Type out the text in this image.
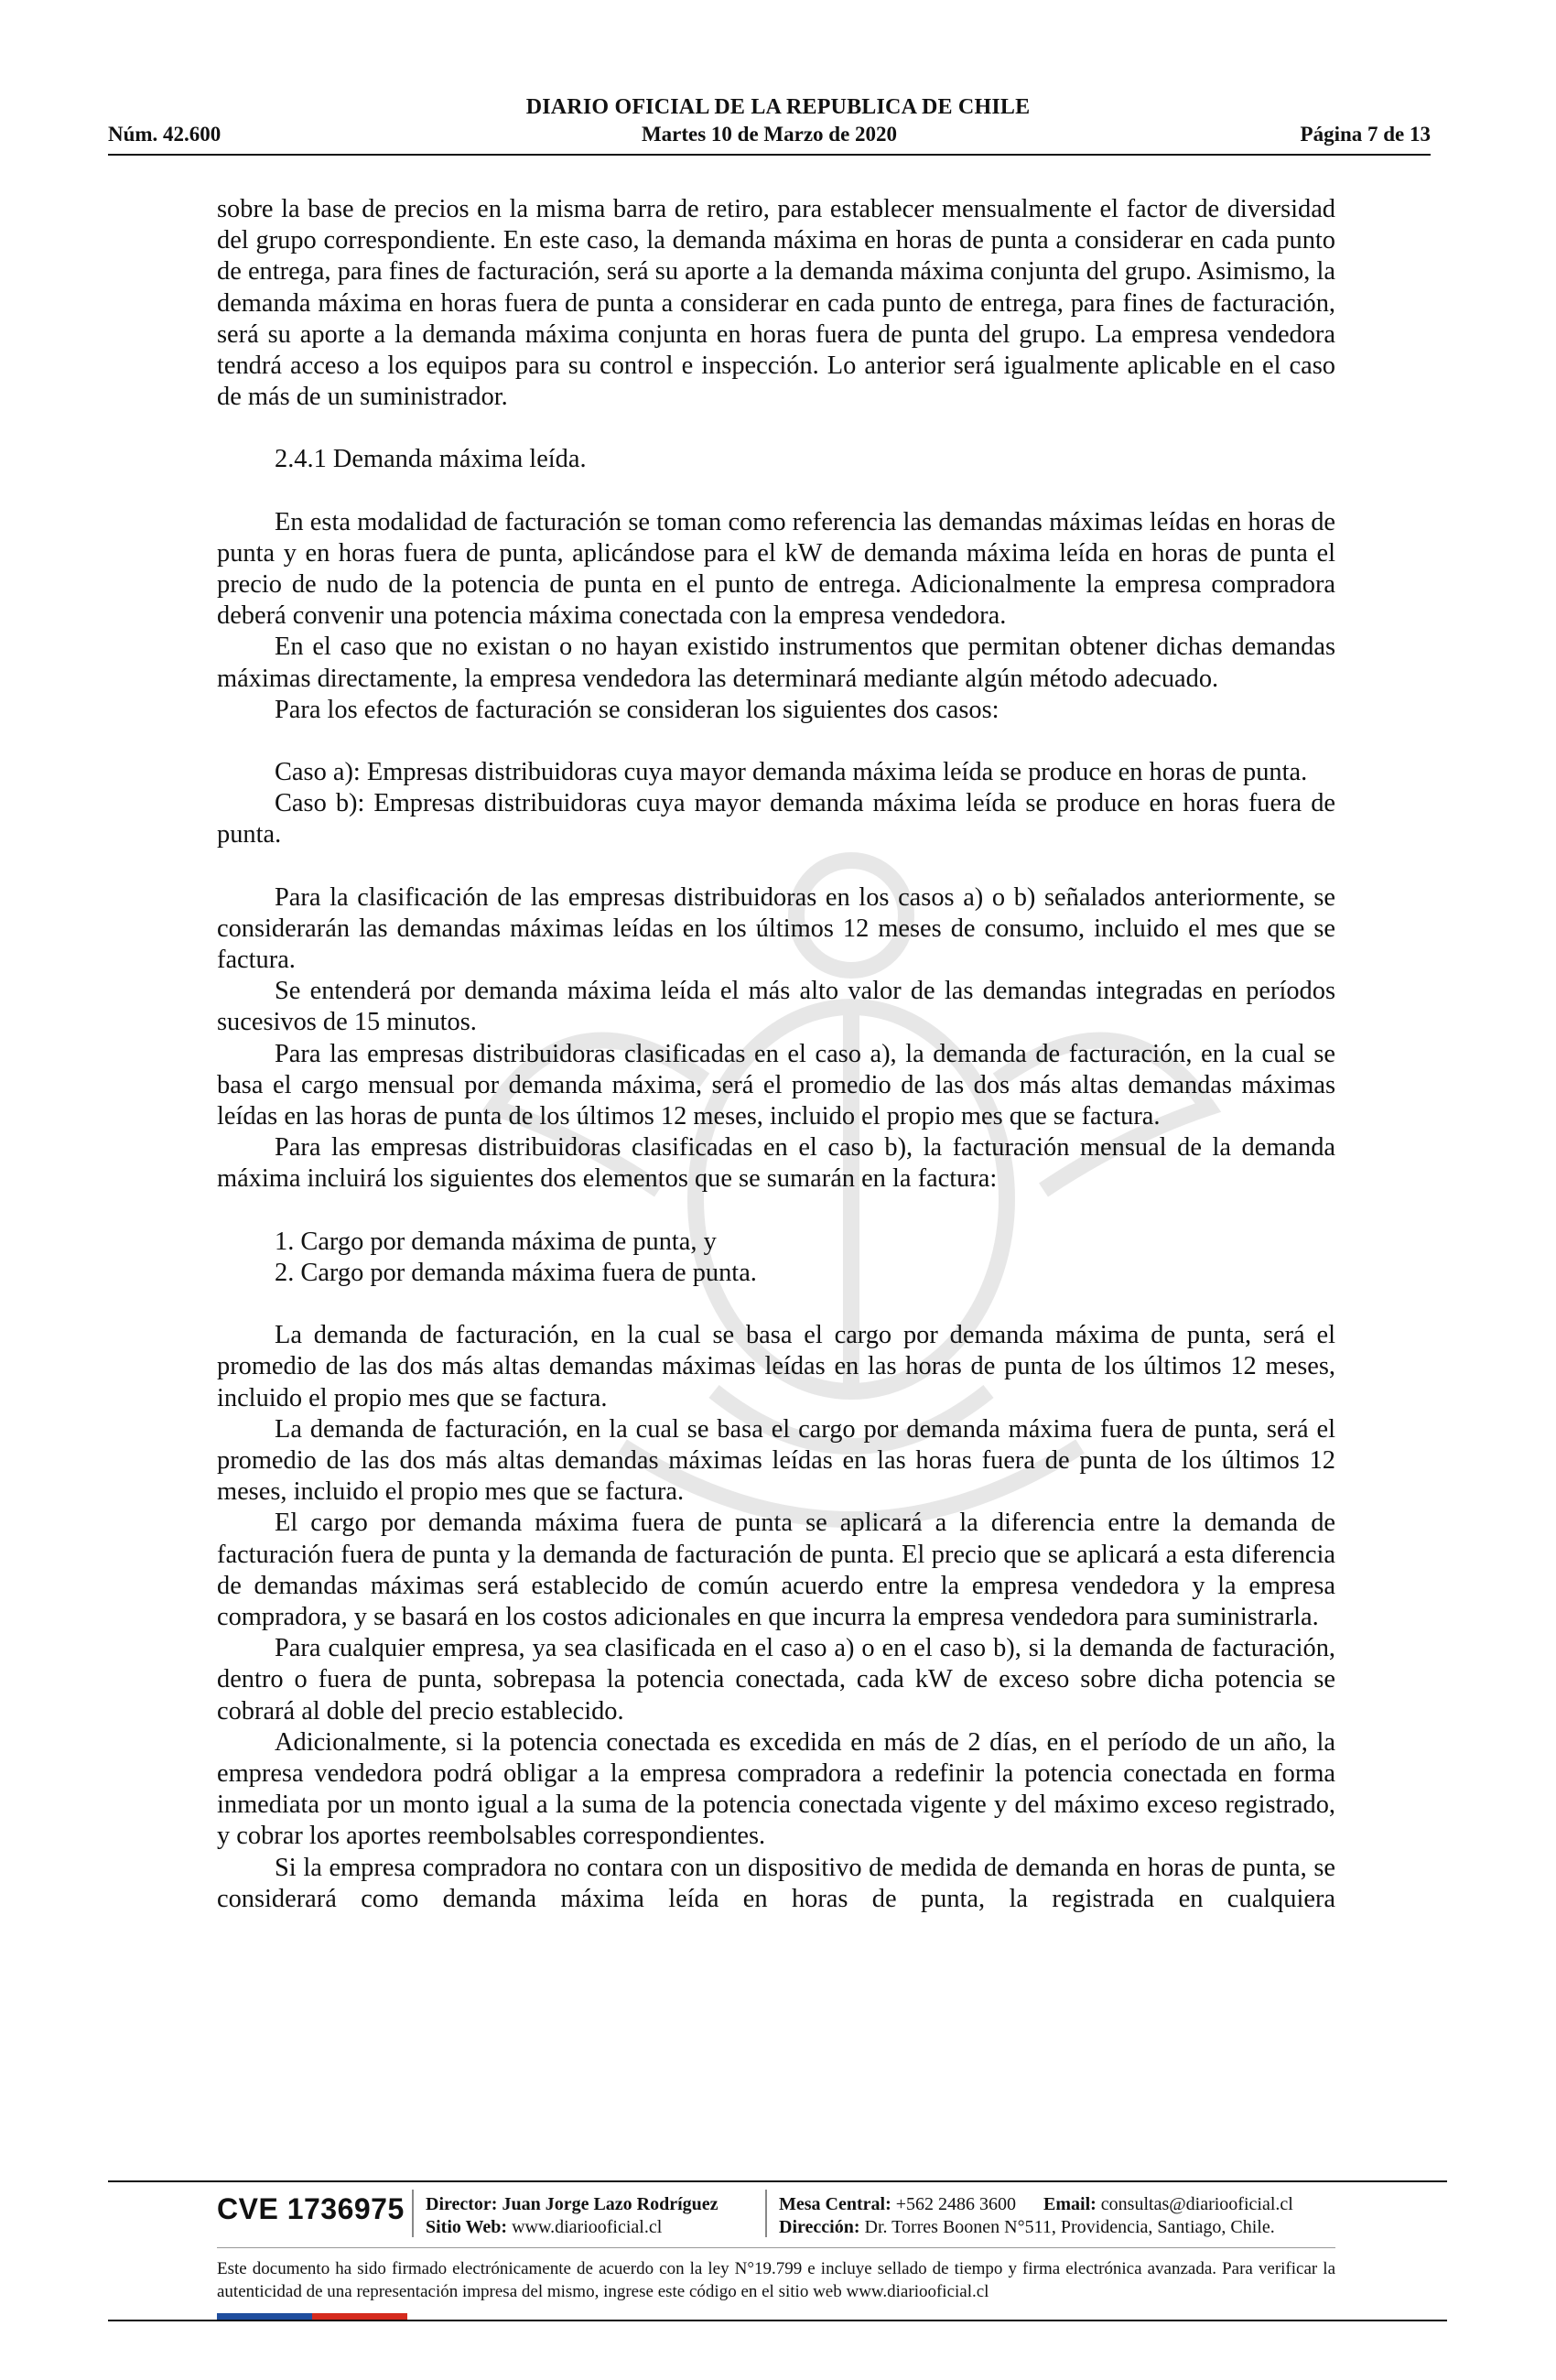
DIARIO OFICIAL DE LA REPUBLICA DE CHILE
Núm. 42.600	Martes 10 de Marzo de 2020	Página 7 de 13

sobre la base de precios en la misma barra de retiro, para establecer mensualmente el factor de diversidad del grupo correspondiente. En este caso, la demanda máxima en horas de punta a considerar en cada punto de entrega, para fines de facturación, será su aporte a la demanda máxima conjunta del grupo. Asimismo, la demanda máxima en horas fuera de punta a considerar en cada punto de entrega, para fines de facturación, será su aporte a la demanda máxima conjunta en horas fuera de punta del grupo. La empresa vendedora tendrá acceso a los equipos para su control e inspección. Lo anterior será igualmente aplicable en el caso de más de un suministrador.

2.4.1 Demanda máxima leída.

En esta modalidad de facturación se toman como referencia las demandas máximas leídas en horas de punta y en horas fuera de punta, aplicándose para el kW de demanda máxima leída en horas de punta el precio de nudo de la potencia de punta en el punto de entrega. Adicionalmente la empresa compradora deberá convenir una potencia máxima conectada con la empresa vendedora.

En el caso que no existan o no hayan existido instrumentos que permitan obtener dichas demandas máximas directamente, la empresa vendedora las determinará mediante algún método adecuado.

Para los efectos de facturación se consideran los siguientes dos casos:

Caso a): Empresas distribuidoras cuya mayor demanda máxima leída se produce en horas de punta.

Caso b): Empresas distribuidoras cuya mayor demanda máxima leída se produce en horas fuera de punta.

Para la clasificación de las empresas distribuidoras en los casos a) o b) señalados anteriormente, se considerarán las demandas máximas leídas en los últimos 12 meses de consumo, incluido el mes que se factura.

Se entenderá por demanda máxima leída el más alto valor de las demandas integradas en períodos sucesivos de 15 minutos.

Para las empresas distribuidoras clasificadas en el caso a), la demanda de facturación, en la cual se basa el cargo mensual por demanda máxima, será el promedio de las dos más altas demandas máximas leídas en las horas de punta de los últimos 12 meses, incluido el propio mes que se factura.

Para las empresas distribuidoras clasificadas en el caso b), la facturación mensual de la demanda máxima incluirá los siguientes dos elementos que se sumarán en la factura:

1. Cargo por demanda máxima de punta, y

2. Cargo por demanda máxima fuera de punta.

La demanda de facturación, en la cual se basa el cargo por demanda máxima de punta, será el promedio de las dos más altas demandas máximas leídas en las horas de punta de los últimos 12 meses, incluido el propio mes que se factura.

La demanda de facturación, en la cual se basa el cargo por demanda máxima fuera de punta, será el promedio de las dos más altas demandas máximas leídas en las horas fuera de punta de los últimos 12 meses, incluido el propio mes que se factura.

El cargo por demanda máxima fuera de punta se aplicará a la diferencia entre la demanda de facturación fuera de punta y la demanda de facturación de punta. El precio que se aplicará a esta diferencia de demandas máximas será establecido de común acuerdo entre la empresa vendedora y la empresa compradora, y se basará en los costos adicionales en que incurra la empresa vendedora para suministrarla.

Para cualquier empresa, ya sea clasificada en el caso a) o en el caso b), si la demanda de facturación, dentro o fuera de punta, sobrepasa la potencia conectada, cada kW de exceso sobre dicha potencia se cobrará al doble del precio establecido.

Adicionalmente, si la potencia conectada es excedida en más de 2 días, en el período de un año, la empresa vendedora podrá obligar a la empresa compradora a redefinir la potencia conectada en forma inmediata por un monto igual a la suma de la potencia conectada vigente y del máximo exceso registrado, y cobrar los aportes reembolsables correspondientes.

Si la empresa compradora no contara con un dispositivo de medida de demanda en horas de punta, se considerará como demanda máxima leída en horas de punta, la registrada en cualquiera

CVE 1736975 Director: Juan Jorge Lazo Rodríguez
Sitio Web: www.diariooficial.cl
Mesa Central: +562 2486 3600 Email: consultas@diariooficial.cl
Dirección: Dr. Torres Boonen N°511, Providencia, Santiago, Chile.
Este documento ha sido firmado electrónicamente de acuerdo con la ley N°19.799 e incluye sellado de tiempo y firma electrónica avanzada. Para verificar la autenticidad de una representación impresa del mismo, ingrese este código en el sitio web www.diariooficial.cl
